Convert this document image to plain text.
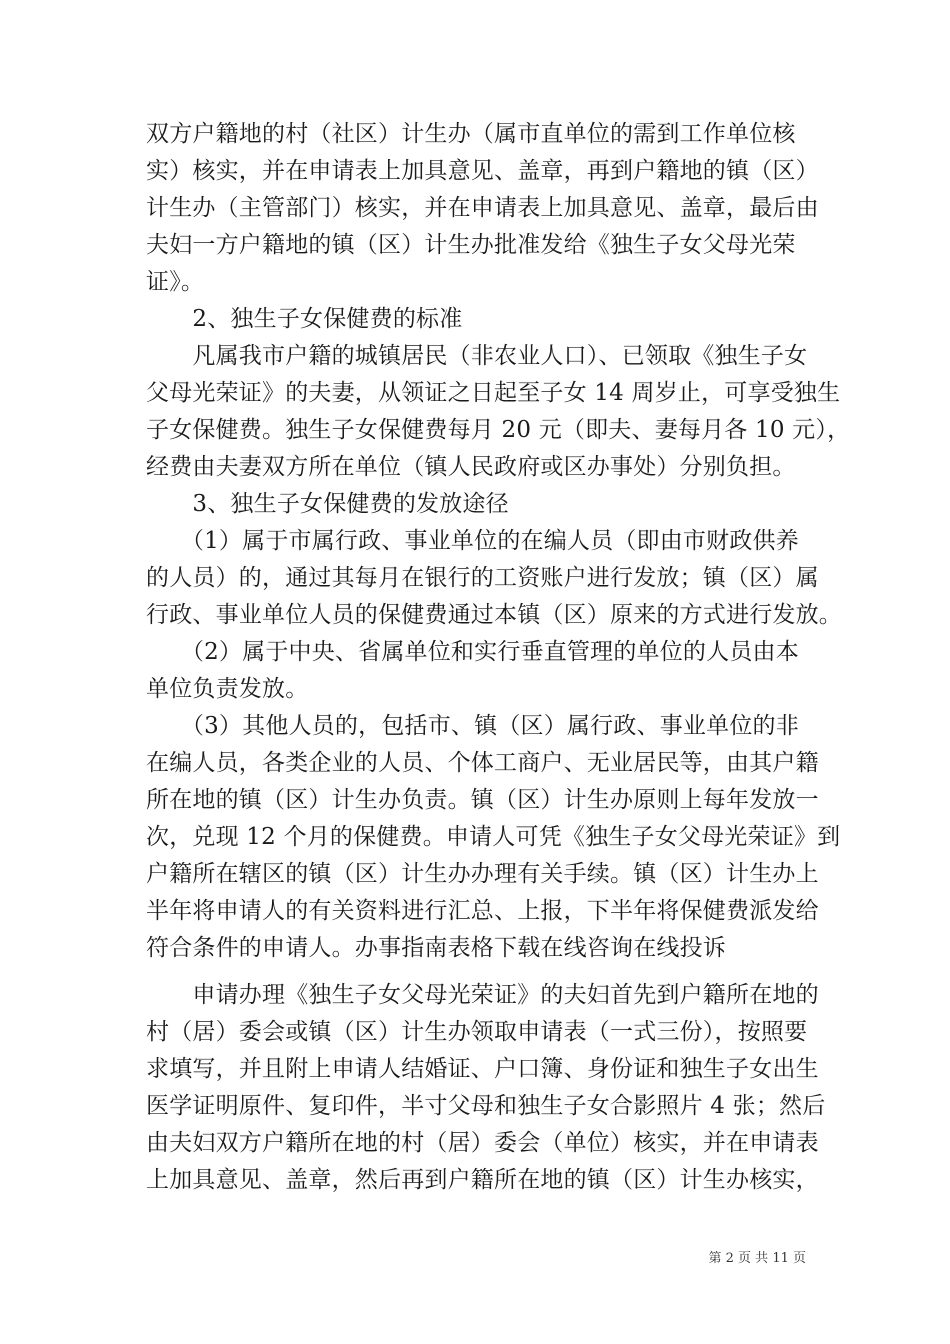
双方户籍地的村（社区）计生办（属市直单位的需到工作单位核
实）核实，并在申请表上加具意见、盖章，再到户籍地的镇（区）
计生办（主管部门）核实，并在申请表上加具意见、盖章，最后由
夫妇一方户籍地的镇（区）计生办批准发给《独生子女父母光荣
证》。
　　2、独生子女保健费的标准
　　凡属我市户籍的城镇居民（非农业人口）、已领取《独生子女
父母光荣证》的夫妻，从领证之日起至子女 14 周岁止，可享受独生
子女保健费。独生子女保健费每月 20 元（即夫、妻每月各 10 元），
经费由夫妻双方所在单位（镇人民政府或区办事处）分别负担。
　　3、独生子女保健费的发放途径
　　（1）属于市属行政、事业单位的在编人员（即由市财政供养
的人员）的，通过其每月在银行的工资账户进行发放；镇（区）属
行政、事业单位人员的保健费通过本镇（区）原来的方式进行发放。
　　（2）属于中央、省属单位和实行垂直管理的单位的人员由本
单位负责发放。
　　（3）其他人员的，包括市、镇（区）属行政、事业单位的非
在编人员，各类企业的人员、个体工商户、无业居民等，由其户籍
所在地的镇（区）计生办负责。镇（区）计生办原则上每年发放一
次，兑现 12 个月的保健费。申请人可凭《独生子女父母光荣证》到
户籍所在辖区的镇（区）计生办办理有关手续。镇（区）计生办上
半年将申请人的有关资料进行汇总、上报，下半年将保健费派发给
符合条件的申请人。办事指南表格下载在线咨询在线投诉
　　申请办理《独生子女父母光荣证》的夫妇首先到户籍所在地的
村（居）委会或镇（区）计生办领取申请表（一式三份），按照要
求填写，并且附上申请人结婚证、户口簿、身份证和独生子女出生
医学证明原件、复印件，半寸父母和独生子女合影照片 4 张；然后
由夫妇双方户籍所在地的村（居）委会（单位）核实，并在申请表
上加具意见、盖章，然后再到户籍所在地的镇（区）计生办核实，
第 2 页 共 11 页
